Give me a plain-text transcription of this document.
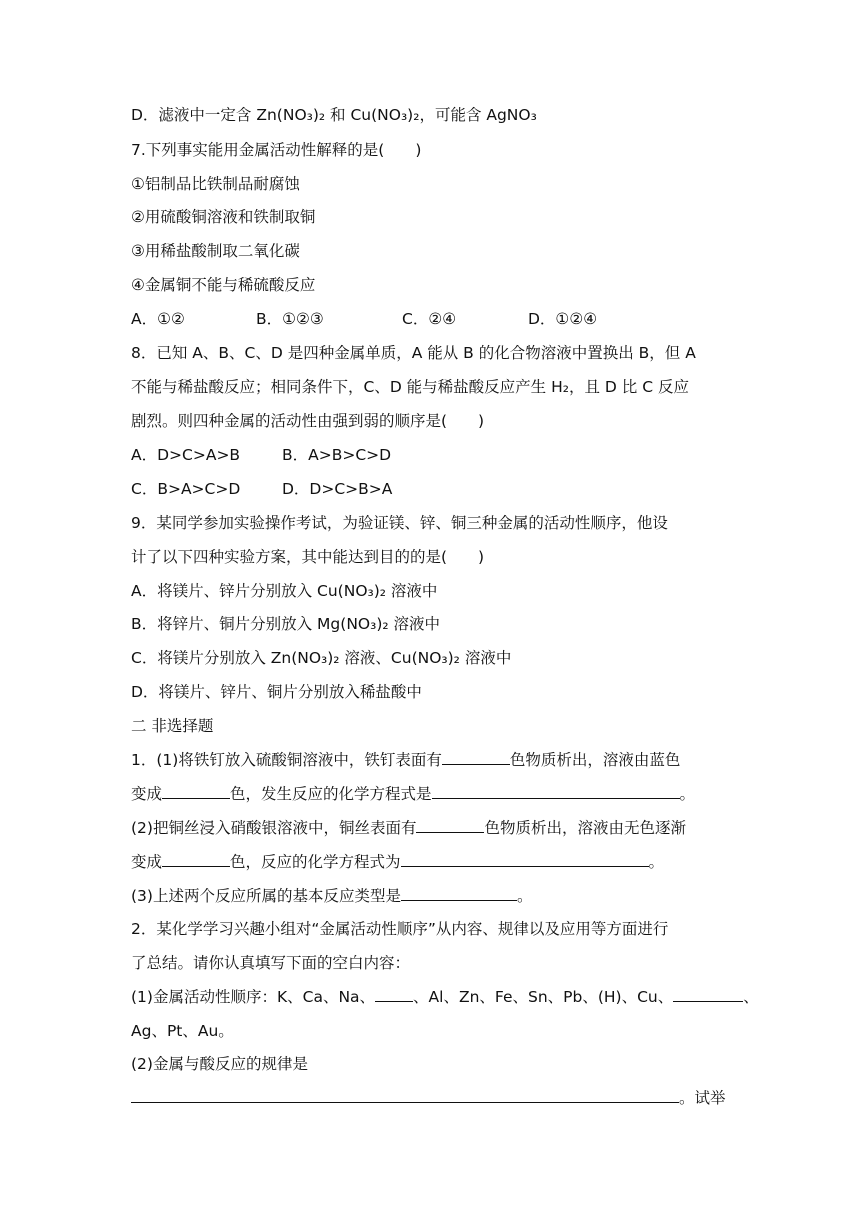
D．滤液中一定含 Zn(NO₃)₂ 和 Cu(NO₃)₂，可能含 AgNO₃
7.下列事实能用金属活动性解释的是(　　)
①铝制品比铁制品耐腐蚀
②用硫酸铜溶液和铁制取铜
③用稀盐酸制取二氧化碳
④金属铜不能与稀硫酸反应
A．①②	B．①②③	C．②④	D．①②④
8．已知 A、B、C、D 是四种金属单质，A 能从 B 的化合物溶液中置换出 B，但 A
不能与稀盐酸反应；相同条件下，C、D 能与稀盐酸反应产生 H₂，且 D 比 C 反应
剧烈。则四种金属的活动性由强到弱的顺序是(　　)
A．D>C>A>B	B．A>B>C>D
C．B>A>C>D	D．D>C>B>A
9．某同学参加实验操作考试，为验证镁、锌、铜三种金属的活动性顺序，他设
计了以下四种实验方案，其中能达到目的的是(　　)
A．将镁片、锌片分别放入 Cu(NO₃)₂ 溶液中
B．将锌片、铜片分别放入 Mg(NO₃)₂ 溶液中
C．将镁片分别放入 Zn(NO₃)₂ 溶液、Cu(NO₃)₂ 溶液中
D．将镁片、锌片、铜片分别放入稀盐酸中
二 非选择题
1．(1)将铁钉放入硫酸铜溶液中，铁钉表面有	色物质析出，溶液由蓝色
变成	色，发生反应的化学方程式是	。
(2)把铜丝浸入硝酸银溶液中，铜丝表面有	色物质析出，溶液由无色逐渐
变成	色，反应的化学方程式为	。
(3)上述两个反应所属的基本反应类型是	。
2．某化学学习兴趣小组对“金属活动性顺序”从内容、规律以及应用等方面进行
了总结。请你认真填写下面的空白内容：
(1)金属活动性顺序：K、Ca、Na、 、Al、Zn、Fe、Sn、Pb、(H)、Cu、	、
Ag、Pt、Au。
(2)金属与酸反应的规律是
。试举
